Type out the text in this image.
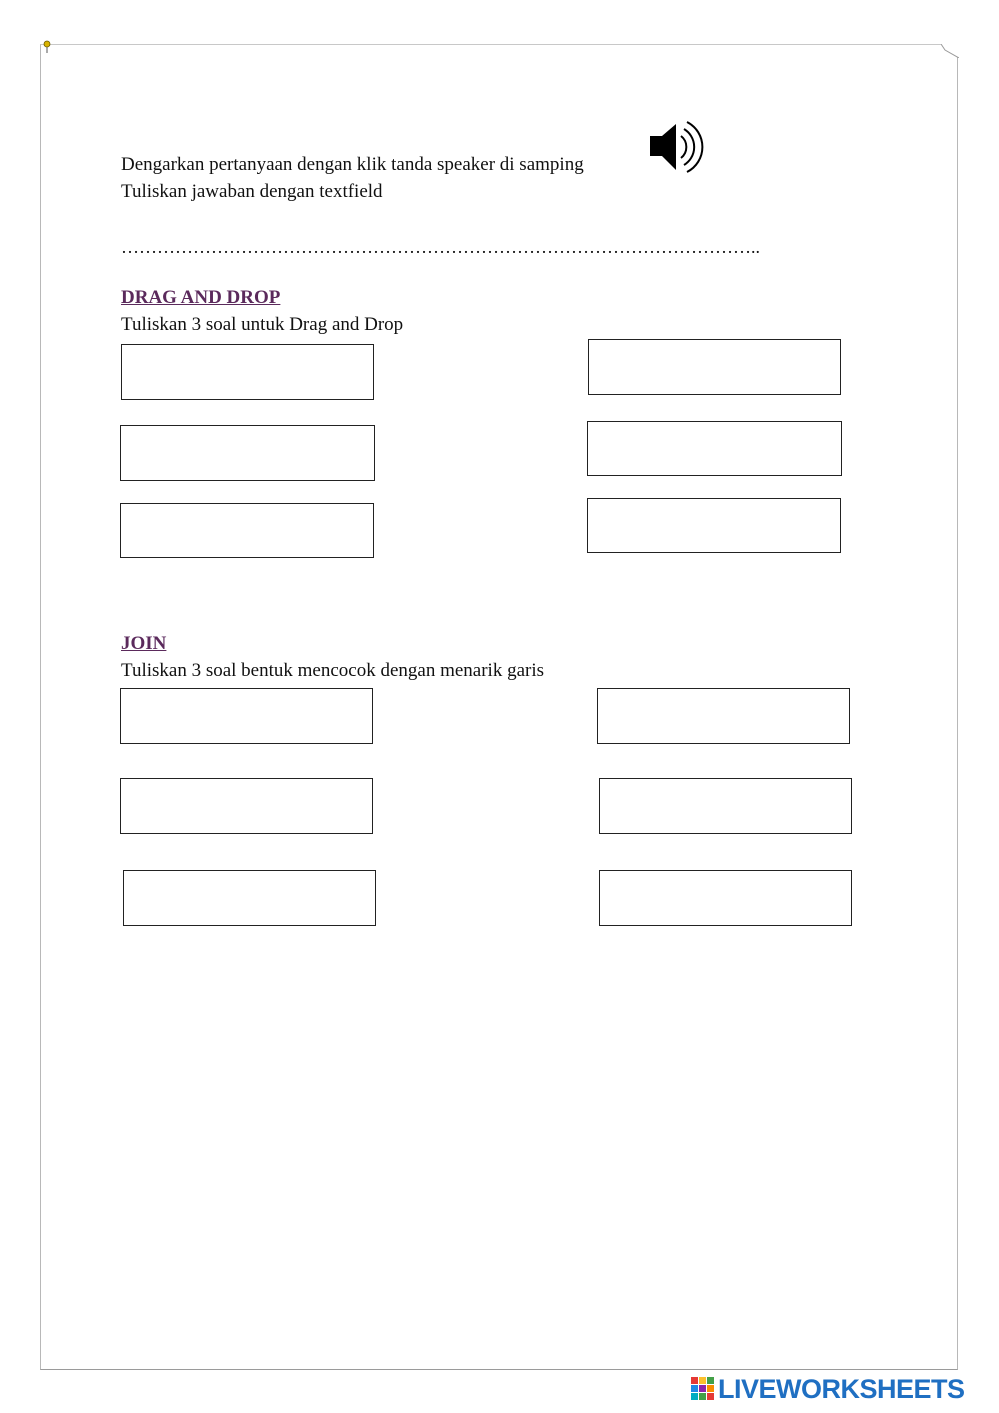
Dengarkan pertanyaan dengan klik tanda speaker di samping
Tuliskan jawaban dengan textfield
……………………………………………………………………………………………..
DRAG AND DROP
Tuliskan 3 soal untuk Drag and Drop
JOIN
Tuliskan 3 soal bentuk mencocok dengan menarik garis
LIVEWORKSHEETS
